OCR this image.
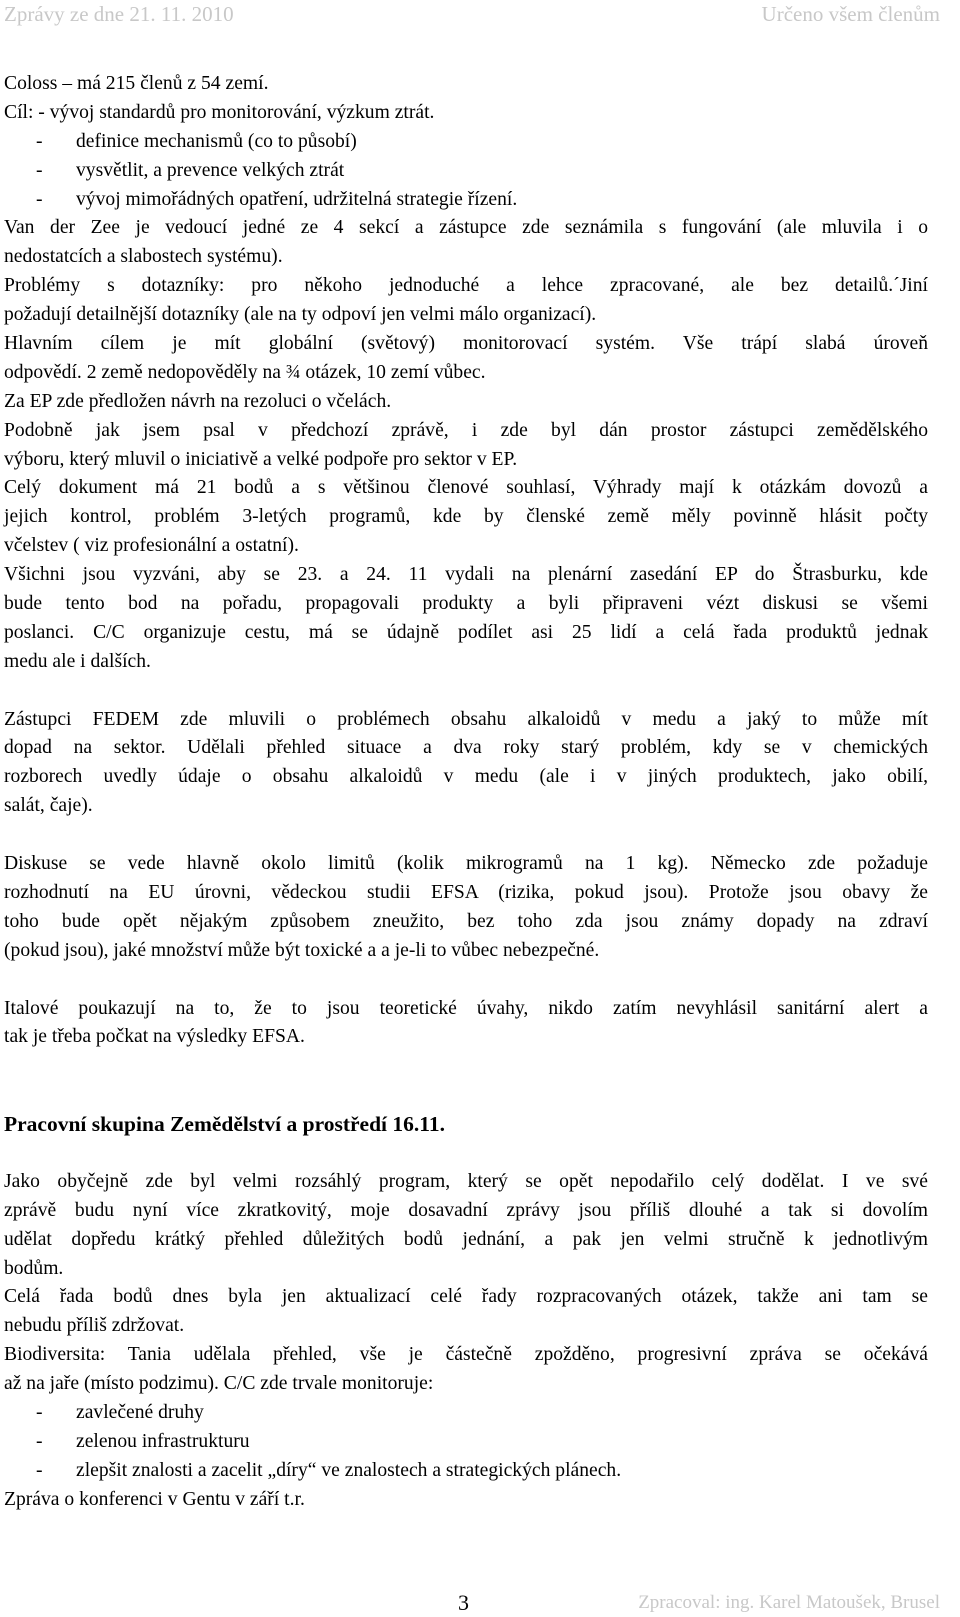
Zprávy ze dne 21. 11. 2010	Určeno všem členům
Coloss – má 215 členů z 54 zemí.
Cíl: - vývoj standardů pro monitorování, výzkum ztrát.
- definice mechanismů (co to působí)
- vysvětlit, a prevence velkých ztrát
- vývoj mimořádných opatření, udržitelná strategie řízení.
Van der Zee je vedoucí jedné ze 4 sekcí a zástupce zde seznámila s fungování (ale mluvila i o
nedostatcích a slabostech systému).
Problémy s dotazníky: pro někoho jednoduché a lehce zpracované, ale bez detailů.´Jiní
požadují detailnější dotazníky (ale na ty odpoví jen velmi málo organizací).
Hlavním cílem je mít globální (světový) monitorovací systém. Vše trápí slabá úroveň
odpovědí. 2 země nedopověděly na ¾ otázek, 10 zemí vůbec.
Za EP zde předložen návrh na rezoluci o včelách.
Podobně jak jsem psal v předchozí zprávě, i zde byl dán prostor zástupci zemědělského
výboru, který mluvil o iniciativě a velké podpoře pro sektor v EP.
Celý dokument má 21 bodů a s většinou členové souhlasí, Výhrady mají k otázkám dovozů a
jejich kontrol, problém 3-letých programů, kde by členské země měly povinně hlásit počty
včelstev ( viz profesionální a ostatní).
Všichni jsou vyzváni, aby se 23. a 24. 11 vydali na plenární zasedání EP do Štrasburku, kde
bude tento bod na pořadu, propagovali produkty a byli připraveni vézt diskusi se všemi
poslanci. C/C organizuje cestu, má se údajně podílet asi 25 lidí a celá řada produktů jednak
medu ale i dalších.
Zástupci FEDEM zde mluvili o problémech obsahu alkaloidů v medu a jaký to může mít
dopad na sektor. Udělali přehled situace a dva roky starý problém, kdy se v chemických
rozborech uvedly údaje o obsahu alkaloidů v medu (ale i v jiných produktech, jako obilí,
salát, čaje).
Diskuse se vede hlavně okolo limitů (kolik mikrogramů na 1 kg). Německo zde požaduje
rozhodnutí na EU úrovni, vědeckou studii EFSA (rizika, pokud jsou). Protože jsou obavy že
toho bude opět nějakým způsobem zneužito, bez toho zda jsou známy dopady na zdraví
(pokud jsou), jaké množství může být toxické a a je-li to vůbec nebezpečné.
Italové poukazují na to, že to jsou teoretické úvahy, nikdo zatím nevyhlásil sanitární alert a
tak je třeba počkat na výsledky EFSA.
Pracovní skupina Zemědělství a prostředí 16.11.
Jako obyčejně zde byl velmi rozsáhlý program, který se opět nepodařilo celý dodělat. I ve své
zprávě budu nyní více zkratkovitý, moje dosavadní zprávy jsou příliš dlouhé a tak si dovolím
udělat dopředu krátký přehled důležitých bodů jednání, a pak jen velmi stručně k jednotlivým
bodům.
Celá řada bodů dnes byla jen aktualizací celé řady rozpracovaných otázek, takže ani tam se
nebudu příliš zdržovat.
Biodiversita: Tania udělala přehled, vše je částečně zpožděno, progresivní zpráva se očekává
až na jaře (místo podzimu). C/C zde trvale monitoruje:
- zavlečené druhy
- zelenou infrastrukturu
- zlepšit znalosti a zacelit „díry“ ve znalostech a strategických plánech.
Zpráva o konferenci v Gentu v září t.r.
3	Zpracoval: ing. Karel Matoušek, Brusel
